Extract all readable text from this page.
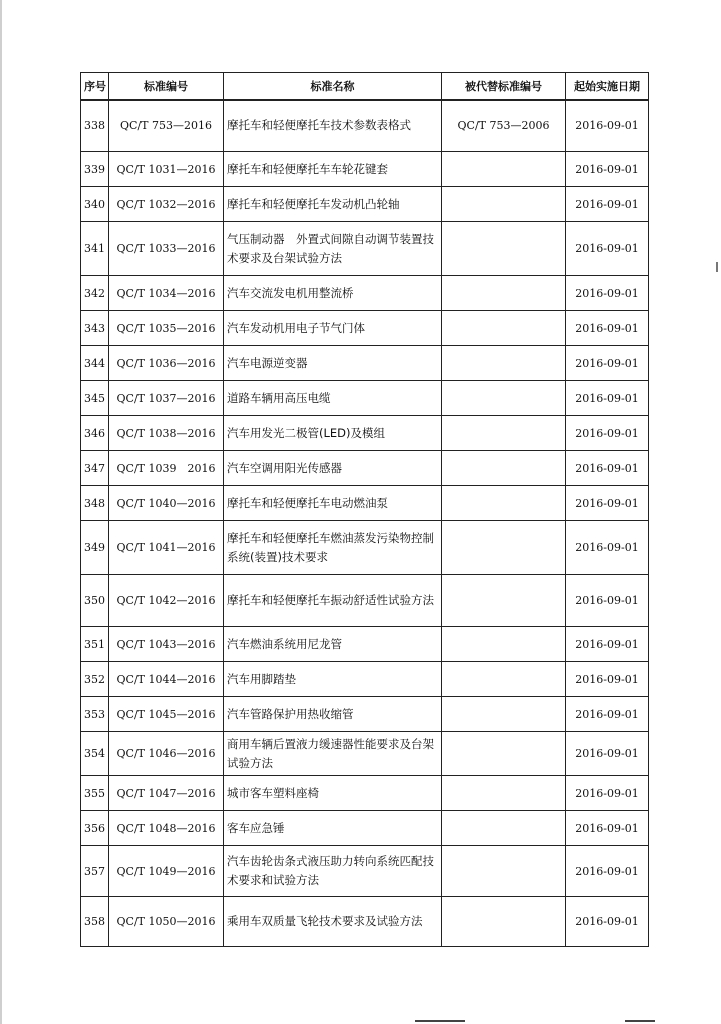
序号	标准编号	标准名称	被代替标准编号	起始实施日期
338	QC/T 753—2016	摩托车和轻便摩托车技术参数表格式	QC/T 753—2006	2016-09-01
339	QC/T 1031—2016	摩托车和轻便摩托车车轮花键套		2016-09-01
340	QC/T 1032—2016	摩托车和轻便摩托车发动机凸轮轴		2016-09-01
341	QC/T 1033—2016	气压制动器　外置式间隙自动调节装置技术要求及台架试验方法		2016-09-01
342	QC/T 1034—2016	汽车交流发电机用整流桥		2016-09-01
343	QC/T 1035—2016	汽车发动机用电子节气门体		2016-09-01
344	QC/T 1036—2016	汽车电源逆变器		2016-09-01
345	QC/T 1037—2016	道路车辆用高压电缆		2016-09-01
346	QC/T 1038—2016	汽车用发光二极管(LED)及模组		2016-09-01
347	QC/T 1039　2016	汽车空调用阳光传感器		2016-09-01
348	QC/T 1040—2016	摩托车和轻便摩托车电动燃油泵		2016-09-01
349	QC/T 1041—2016	摩托车和轻便摩托车燃油蒸发污染物控制系统(装置)技术要求		2016-09-01
350	QC/T 1042—2016	摩托车和轻便摩托车振动舒适性试验方法		2016-09-01
351	QC/T 1043—2016	汽车燃油系统用尼龙管		2016-09-01
352	QC/T 1044—2016	汽车用脚踏垫		2016-09-01
353	QC/T 1045—2016	汽车管路保护用热收缩管		2016-09-01
354	QC/T 1046—2016	商用车辆后置液力缓速器性能要求及台架试验方法		2016-09-01
355	QC/T 1047—2016	城市客车塑料座椅		2016-09-01
356	QC/T 1048—2016	客车应急锤		2016-09-01
357	QC/T 1049—2016	汽车齿轮齿条式液压助力转向系统匹配技术要求和试验方法		2016-09-01
358	QC/T 1050—2016	乘用车双质量飞轮技术要求及试验方法		2016-09-01
